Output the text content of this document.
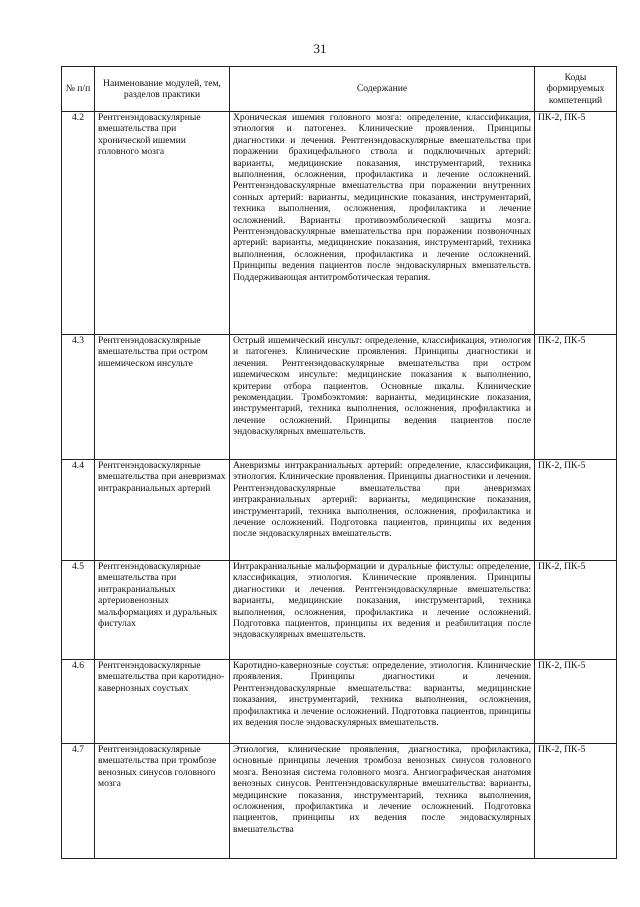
31
№ п/п	Наименование модулей, тем, разделов практики	Содержание	Коды формируемых компетенций
4.2	Рентгенэндоваскулярные вмешательства при хронической ишемии головного мозга	Хроническая ишемия головного мозга: определение, классификация, этиология и патогенез. Клинические проявления. Принципы диагностики и лечения. Рентгенэндоваскулярные вмешательства при поражении брахицефального ствола и подключичных артерий: варианты, медицинские показания, инструментарий, техника выполнения, осложнения, профилактика и лечение осложнений. Рентгенэндоваскулярные вмешательства при поражении внутренних сонных артерий: варианты, медицинские показания, инструментарий, техника выполнения, осложнения, профилактика и лечение осложнений. Варианты противоэмболической защиты мозга. Рентгенэндоваскулярные вмешательства при поражении позвоночных артерий: варианты, медицинские показания, инструментарий, техника выполнения, осложнения, профилактика и лечение осложнений. Принципы ведения пациентов после эндоваскулярных вмешательств. Поддерживающая антитромботическая терапия.	ПК-2, ПК-5
4.3	Рентгенэндоваскулярные вмешательства при остром ишемическом инсульте	Острый ишемический инсульт: определение, классификация, этиология и патогенез. Клинические проявления. Принципы диагностики и лечения. Рентгенэндоваскулярные вмешательства при остром ишемическом инсульте: медицинские показания к выполнению, критерии отбора пациентов. Основные шкалы. Клинические рекомендации. Тромбоэктомия: варианты, медицинские показания, инструментарий, техника выполнения, осложнения, профилактика и лечение осложнений. Принципы ведения пациентов после эндоваскулярных вмешательств.	ПК-2, ПК-5
4.4	Рентгенэндоваскулярные вмешательства при аневризмах интракраниальных артерий	Аневризмы интракраниальных артерий: определение, классификация, этиология. Клинические проявления. Принципы диагностики и лечения. Рентгенэндоваскулярные вмешательства при аневризмах интракраниальных артерий: варианты, медицинские показания, инструментарий, техника выполнения, осложнения, профилактика и лечение осложнений. Подготовка пациентов, принципы их ведения после эндоваскулярных вмешательств.	ПК-2, ПК-5
4.5	Рентгенэндоваскулярные вмешательства при интракраниальных артериовенозных мальформациях и дуральных фистулах	Интракраниальные мальформации и дуральные фистулы: определение, классификация, этиология. Клинические проявления. Принципы диагностики и лечения. Рентгенэндоваскулярные вмешательства: варианты, медицинские показания, инструментарий, техника выполнения, осложнения, профилактика и лечение осложнений. Подготовка пациентов, принципы их ведения и реабилитация после эндоваскулярных вмешательств.	ПК-2, ПК-5
4.6	Рентгенэндоваскулярные вмешательства при каротидно-кавернозных соустьях	Каротидно-кавернозные соустья: определение, этиология. Клинические проявления. Принципы диагностики и лечения. Рентгенэндоваскулярные вмешательства: варианты, медицинские показания, инструментарий, техника выполнения, осложнения, профилактика и лечение осложнений. Подготовка пациентов, принципы их ведения после эндоваскулярных вмешательств.	ПК-2, ПК-5
4.7	Рентгенэндоваскулярные вмешательства при тромбозе венозных синусов головного мозга	Этиология, клинические проявления, диагностика, профилактика, основные принципы лечения тромбоза венозных синусов головного мозга. Венозная система головного мозга. Ангиографическая анатомия венозных синусов. Рентгенэндоваскулярные вмешательства: варианты, медицинские показания, инструментарий, техника выполнения, осложнения, профилактика и лечение осложнений. Подготовка пациентов, принципы их ведения после эндоваскулярных вмешательства	ПК-2, ПК-5
